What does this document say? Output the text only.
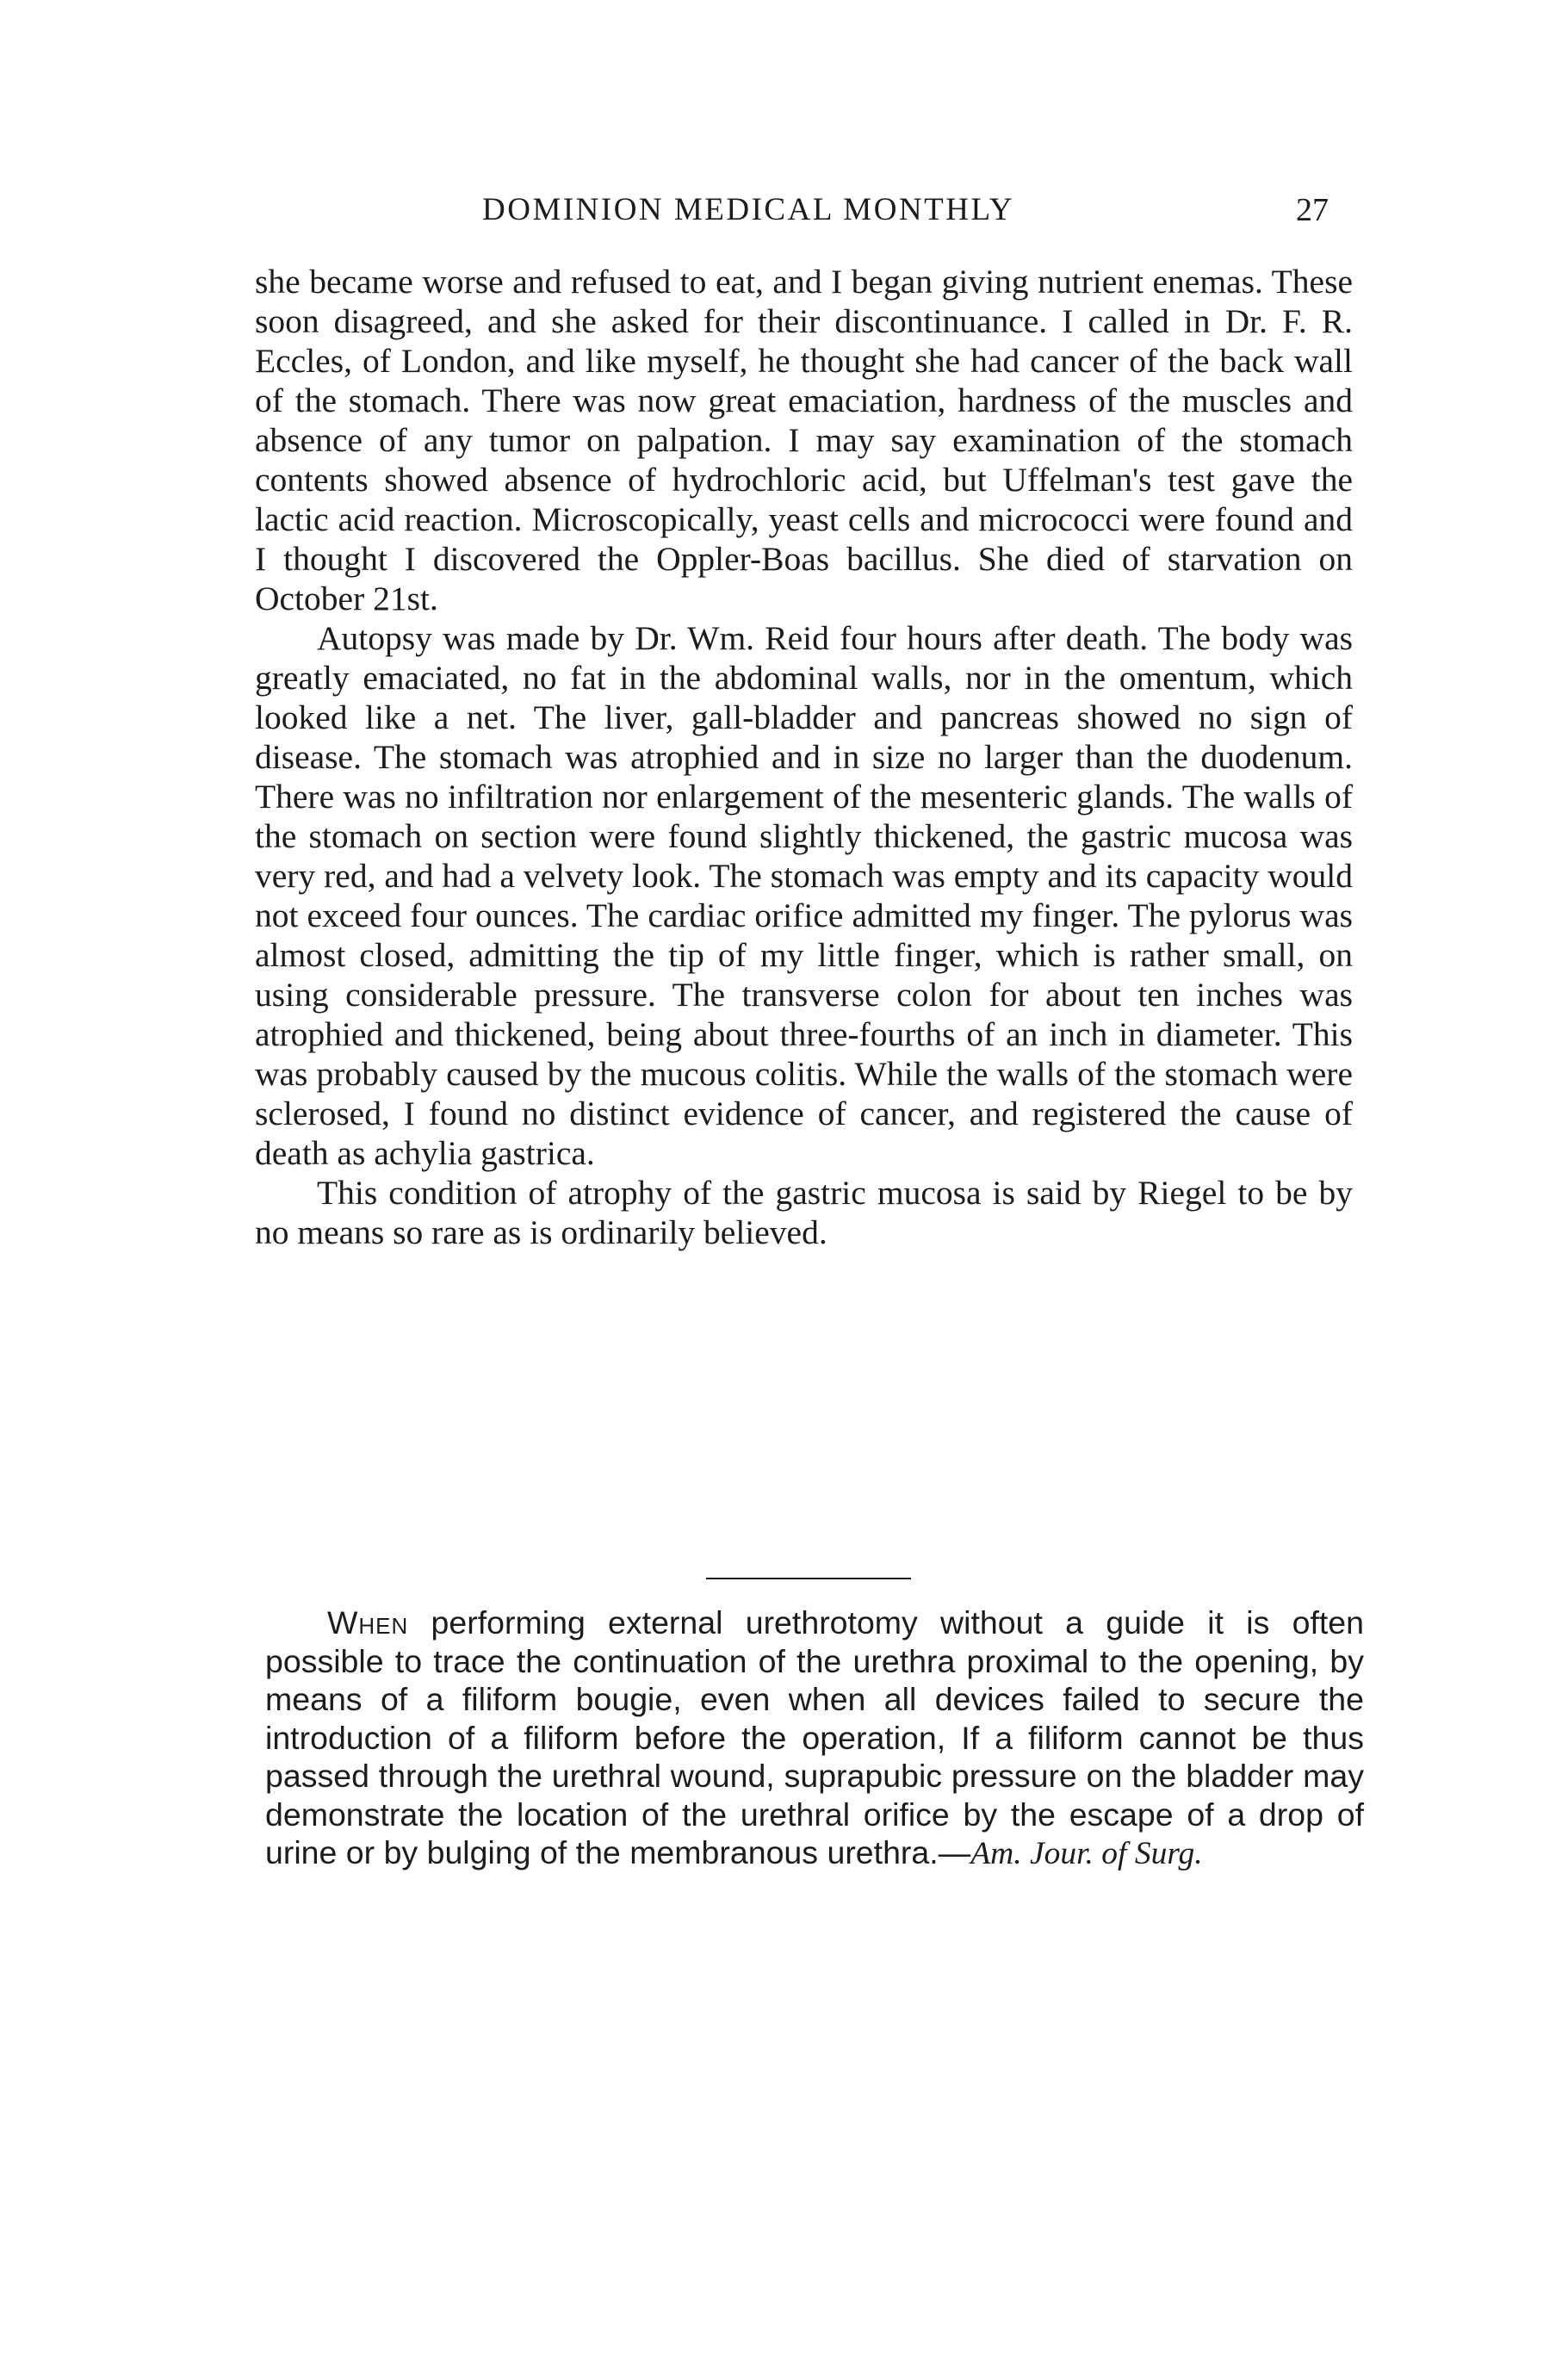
DOMINION MEDICAL MONTHLY	27

she became worse and refused to eat, and I began giving nutrient enemas. These soon disagreed, and she asked for their discontinuance. I called in Dr. F. R. Eccles, of London, and like myself, he thought she had cancer of the back wall of the stomach. There was now great emaciation, hardness of the muscles and absence of any tumor on palpation. I may say examination of the stomach contents showed absence of hydrochloric acid, but Uffelman's test gave the lactic acid reaction. Microscopically, yeast cells and micrococci were found and I thought I discovered the Oppler-Boas bacillus. She died of starvation on October 21st.

Autopsy was made by Dr. Wm. Reid four hours after death. The body was greatly emaciated, no fat in the abdominal walls, nor in the omentum, which looked like a net. The liver, gall-bladder and pancreas showed no sign of disease. The stomach was atrophied and in size no larger than the duodenum. There was no infiltration nor enlargement of the mesenteric glands. The walls of the stomach on section were found slightly thickened, the gastric mucosa was very red, and had a velvety look. The stomach was empty and its capacity would not exceed four ounces. The cardiac orifice admitted my finger. The pylorus was almost closed, admitting the tip of my little finger, which is rather small, on using considerable pressure. The transverse colon for about ten inches was atrophied and thickened, being about three-fourths of an inch in diameter. This was probably caused by the mucous colitis. While the walls of the stomach were sclerosed, I found no distinct evidence of cancer, and registered the cause of death as achylia gastrica.

This condition of atrophy of the gastric mucosa is said by Riegel to be by no means so rare as is ordinarily believed.

When performing external urethrotomy without a guide it is often possible to trace the continuation of the urethra proximal to the opening, by means of a filiform bougie, even when all devices failed to secure the introduction of a filiform before the operation, If a filiform cannot be thus passed through the urethral wound, suprapubic pressure on the bladder may demonstrate the location of the urethral orifice by the escape of a drop of urine or by bulging of the membranous urethra.—Am. Jour. of Surg.
